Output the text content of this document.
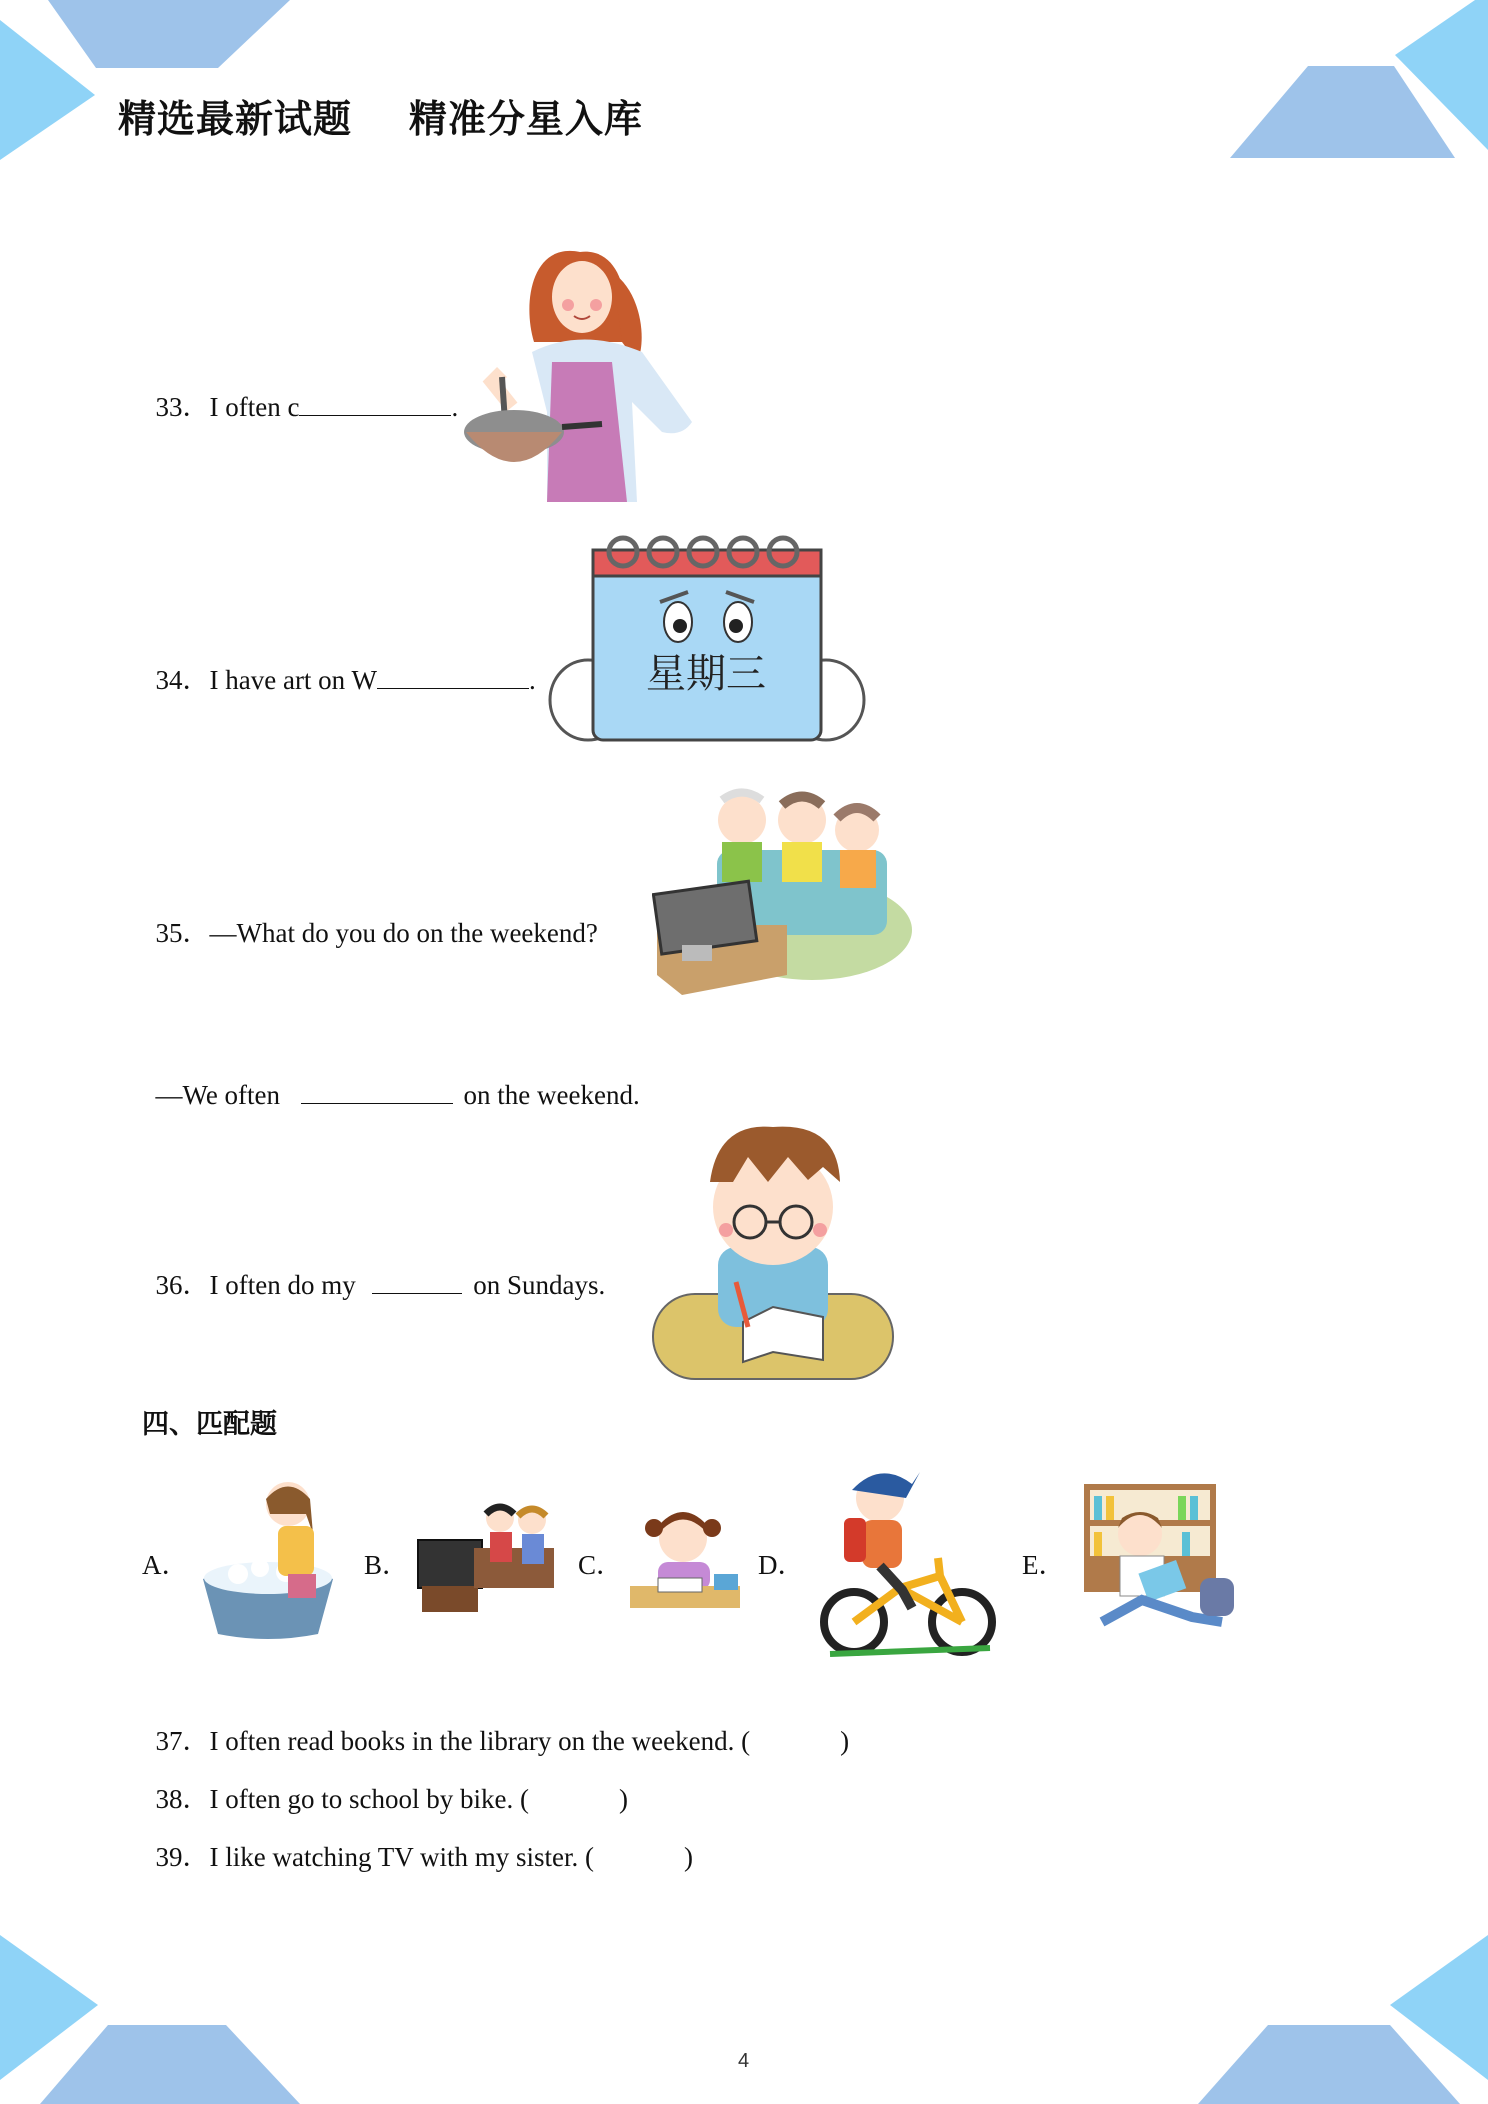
精选最新试题    精准分星入库

33．I often c	.

34．I have art on W	.	星期三

35．—What do you do on the weekend?

—We often	on the weekend.

36．I often do my	on Sundays.

四、匹配题
A．	B．	C．	D．	E．

37．I often read books in the library on the weekend. (	)

38．I often go to school by bike. (	)

39．I like watching TV with my sister. (	)

4
